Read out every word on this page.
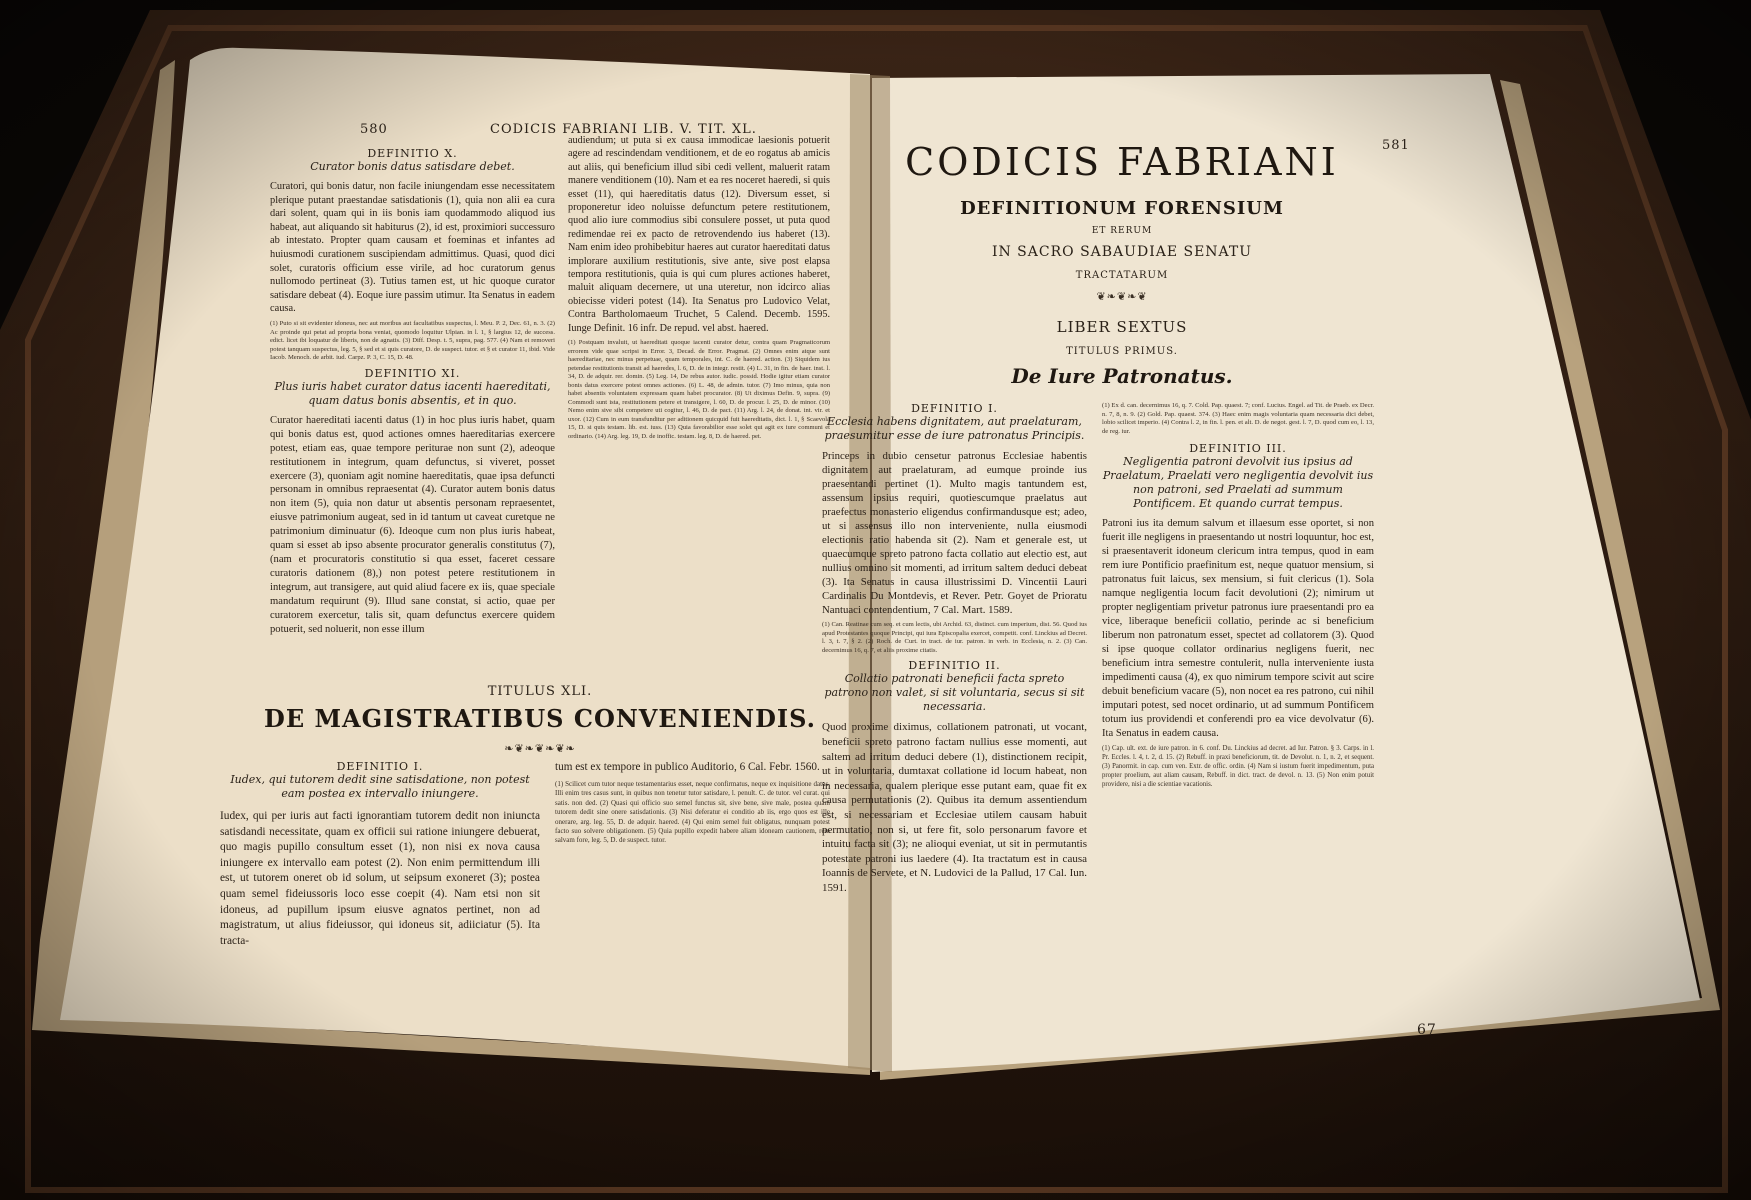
580	CODICIS FABRIANI LIB. V. TIT. XL.
DEFINITIO X.
Curator bonis datus satisdare debet.

Curatori, qui bonis datur, non facile iniungendam esse necessitatem plerique putant praestandae satisdationis (1), quia non alii ea cura dari solent, quam qui in iis bonis iam quodammodo aliquod ius habeat, aut aliquando sit habiturus (2), id est, proximiori successuro ab intestato. Propter quam causam et foeminas et infantes ad huiusmodi curationem suscipiendam admittimus. Quasi, quod dici solet, curatoris officium esse virile, ad hoc curatorum genus nullomodo pertineat (3). Tutius tamen est, ut hic quoque curator satisdare debeat (4). Eoque iure passim utimur. Ita Senatus in eadem causa.

(1) Puto si sit evidenter idoneus, nec aut moribus aut facultatibus suspectus, l. Meu. P. 2, Dec. 61, n. 3. (2) Ac proinde qui petat ad propria bona veniat, quomodo loquitur Ulpian. in l. 1, § largius 12, de success. edict. licet ibi loquatur de liberis, non de agnatis. (3) Diff. Desp. t. 5, supra, pag. 577. (4) Nam et removeri potest tanquam suspectus, leg. 5, § sed et si quis curatore, D. de suspect. tutor. et § et curator 11, ibid. Vide Iacob. Menoch. de arbit. iud. Carpz. P. 3, C. 15, D. 48.

DEFINITIO XI.
Plus iuris habet curator datus iacenti haereditati, quam datus bonis absentis, et in quo.

Curator haereditati iacenti datus (1) in hoc plus iuris habet, quam qui bonis datus est, quod actiones omnes haereditarias exercere potest, etiam eas, quae tempore periturae non sunt (2), adeoque restitutionem in integrum, quam defunctus, si viveret, posset exercere (3), quoniam agit nomine haereditatis, quae ipsa defuncti personam in omnibus repraesentat (4). Curator autem bonis datus non item (5), quia non datur ut absentis personam repraesentet, eiusve patrimonium augeat, sed in id tantum ut caveat curetque ne patrimonium diminuatur (6). Ideoque cum non plus iuris habeat, quam si esset ab ipso absente procurator generalis constitutus (7), (nam et procuratoris constitutio si qua esset, faceret cessare curatoris dationem (8),) non potest petere restitutionem in integrum, aut transigere, aut quid aliud facere ex iis, quae speciale mandatum requirunt (9). Illud sane constat, si actio, quae per curatorem exercetur, talis sit, quam defunctus exercere quidem potuerit, sed noluerit, non esse illum

audiendum; ut puta si ex causa immodicae laesionis potuerit agere ad rescindendam venditionem, et de eo rogatus ab amicis aut aliis, qui beneficium illud sibi cedi vellent, maluerit ratam manere venditionem (10). Nam et ea res noceret haeredi, si quis esset (11), qui haereditatis datus (12). Diversum esset, si proponeretur ideo noluisse defunctum petere restitutionem, quod alio iure commodius sibi consulere posset, ut puta quod redimendae rei ex pacto de retrovendendo ius haberet (13). Nam enim ideo prohibebitur haeres aut curator haereditati datus implorare auxilium restitutionis, sive ante, sive post elapsa tempora restitutionis, quia is qui cum plures actiones haberet, maluit aliquam decernere, ut una uteretur, non idcirco alias obiecisse videri potest (14). Ita Senatus pro Ludovico Velat, Contra Bartholomaeum Truchet, 5 Calend. Decemb. 1595. Iunge Definit. 16 infr. De repud. vel abst. haered.

(1) Postquam invaluit, ut haereditati quoque iacenti curator detur, contra quam Pragmaticorum errorem vide quae scripsi in Error. 3, Decad. de Error. Pragmat. (2) Omnes enim atque sunt haereditariae, nec minus perpetuae, quam temporales, int. C. de haered. action. (3) Siquidem ius petendae restitutionis transit ad haeredes, l. 6, D. de in integr. restit. (4) L. 31, in fin. de haer. inst. l. 34, D. de adquir. rer. domin. (5) Leg. 14, De rebus autor. iudic. possid. Hodie igitur etiam curator bonis datus exercere potest omnes actiones. (6) L. 48, de admin. tutor. (7) Imo minus, quia non habet absentis voluntatem expressam quam habet procurator. (8) Ut diximus Defin. 9, supra. (9) Commodi sunt ista, restitutionem petere et transigere, l. 60, D. de procur. l. 25, D. de minor. (10) Nemo enim sive sibi competere uti cogitur, l. 46, D. de pact. (11) Arg. l. 24, de donat. int. vir. et uxor. (12) Cum in eum transfunditur per aditionem quicquid fuit haereditatis, dict. l. 1, § Scaevola 15, D. si quis testam. lib. est. iuss. (13) Quia favorabilior esse solet qui agit ex iure communi et ordinario. (14) Arg. leg. 19, D. de inoffic. testam. leg. 8, D. de haered. pet.

TITULUS XLI.
DE MAGISTRATIBUS CONVENIENDIS.
❧❦❧❦❧❦❧
DEFINITIO I.
Iudex, qui tutorem dedit sine satisdatione, non potest eam postea ex intervallo iniungere.

Iudex, qui per iuris aut facti ignorantiam tutorem dedit non iniuncta satisdandi necessitate, quam ex officii sui ratione iniungere debuerat, quo magis pupillo consultum esset (1), non nisi ex nova causa iniungere ex intervallo eam potest (2). Non enim permittendum illi est, ut tutorem oneret ob id solum, ut seipsum exoneret (3); postea quam semel fideiussoris loco esse coepit (4). Nam etsi non sit idoneus, ad pupillum ipsum eiusve agnatos pertinet, non ad magistratum, ut alius fideiussor, qui idoneus sit, adiiciatur (5). Ita tracta-

tum est ex tempore in publico Auditorio, 6 Cal. Febr. 1560.

(1) Scilicet cum tutor neque testamentarius esset, neque confirmatus, neque ex inquisitione datus. Illi enim tres casus sunt, in quibus non tenetur tutor satisdare, l. penult. C. de tutor. vel curat. qui satis. non ded. (2) Quasi qui officio suo semel functus sit, sive bene, sive male, postea quam tutorem dedit sine onere satisdationis. (3) Nisi deferatur ei conditio ab iis, ergo quos est ille onerare, arg. leg. 55, D. de adquir. haered. (4) Qui enim semel fuit obligatus, nunquam potest facto suo solvere obligationem. (5) Quia pupillo expedit habere aliam idoneam cautionem, rem salvam fore, leg. 5, D. de suspect. tutor.

581
CODICIS FABRIANI
DEFINITIONUM FORENSIUM
ET RERUM
IN SACRO SABAUDIAE SENATU
TRACTATARUM
❦❧❦❧❦
LIBER SEXTUS
TITULUS PRIMUS.
De Iure Patronatus.
DEFINITIO I.
Ecclesia habens dignitatem, aut praelaturam, praesumitur esse de iure patronatus Principis.

Princeps in dubio censetur patronus Ecclesiae habentis dignitatem aut praelaturam, ad eumque proinde ius praesentandi pertinet (1). Multo magis tantundem est, assensum ipsius requiri, quotiescumque praelatus aut praefectus monasterio eligendus confirmandusque est; adeo, ut si assensus illo non interveniente, nulla eiusmodi electionis ratio habenda sit (2). Nam et generale est, ut quaecumque spreto patrono facta collatio aut electio est, aut nullius omnino sit momenti, ad irritum saltem deduci debeat (3). Ita Senatus in causa illustrissimi D. Vincentii Lauri Cardinalis Du Montdevis, et Rever. Petr. Goyet de Prioratu Nantuaci contendentium, 7 Cal. Mart. 1589.

(1) Can. Reatinae cum seq. et cum lectis, ubi Archid. 63, distinct. cum imperium, dist. 56. Quod ius apud Protestantes quoque Principi, qui iura Episcopalia exercet, competit. conf. Linckius ad Decret. l. 3, t. 7, § 2. (2) Roch. de Curt. in tract. de iur. patron. in verb. in Ecclesia, n. 2. (3) Can. decernimus 16, q. 7, et aliis proxime citatis.

DEFINITIO II.
Collatio patronati beneficii facta spreto patrono non valet, si sit voluntaria, secus si sit necessaria.

Quod proxime diximus, collationem patronati, ut vocant, beneficii spreto patrono factam nullius esse momenti, aut saltem ad irritum deduci debere (1), distinctionem recipit, ut in voluntaria, dumtaxat collatione id locum habeat, non in necessaria, qualem plerique esse putant eam, quae fit ex causa permutationis (2). Quibus ita demum assentiendum est, si necessariam et Ecclesiae utilem causam habuit permutatio, non si, ut fere fit, solo personarum favore et intuitu facta sit (3); ne alioqui eveniat, ut sit in permutantis potestate patroni ius laedere (4). Ita tractatum est in causa Ioannis de Servete, et N. Ludovici de la Pallud, 17 Cal. Iun. 1591.

(1) Ex d. can. decernimus 16, q. 7. Cold. Pap. quaest. 7; conf. Lucius. Engel. ad Tit. de Praeb. ex Decr. n. 7, 8, n. 9. (2) Gold. Pap. quaest. 374. (3) Haec enim magis voluntaria quam necessaria dici debet, lobio scilicet imperio. (4) Contra l. 2, in fin. l. pen. et alt. D. de negot. gest. l. 7, D. quod cum eo, l. 13, de reg. iur.

DEFINITIO III.
Negligentia patroni devolvit ius ipsius ad Praelatum, Praelati vero negligentia devolvit ius non patroni, sed Praelati ad summum Pontificem. Et quando currat tempus.

Patroni ius ita demum salvum et illaesum esse oportet, si non fuerit ille negligens in praesentando ut nostri loquuntur, hoc est, si praesentaverit idoneum clericum intra tempus, quod in eam rem iure Pontificio praefinitum est, neque quatuor mensium, si patronatus fuit laicus, sex mensium, si fuit clericus (1). Sola namque negligentia locum facit devolutioni (2); nimirum ut propter negligentiam privetur patronus iure praesentandi pro ea vice, liberaque beneficii collatio, perinde ac si beneficium liberum non patronatum esset, spectet ad collatorem (3). Quod si ipse quoque collator ordinarius negligens fuerit, nec beneficium intra semestre contulerit, nulla interveniente iusta impedimenti causa (4), ex quo nimirum tempore scivit aut scire debuit beneficium vacare (5), non nocet ea res patrono, cui nihil imputari potest, sed nocet ordinario, ut ad summum Pontificem totum ius providendi et conferendi pro ea vice devolvatur (6). Ita Senatus in eadem causa.

(1) Cap. ult. ext. de iure patron. in 6. conf. Du. Linckius ad decret. ad Iur. Patron. § 3. Carps. in l. Pr. Eccles. l. 4, t. 2, d. 15. (2) Rebuff. in praxi beneficiorum, tit. de Devolut. n. 1, n. 2, et sequent. (3) Panormit. in cap. cum ven. Extr. de offic. ordin. (4) Nam si iustum fuerit impedimentum, puta propter proelium, aut aliam causam, Rebuff. in dict. tract. de devol. n. 13. (5) Non enim potuit providere, nisi a die scientiae vacationis.

67
